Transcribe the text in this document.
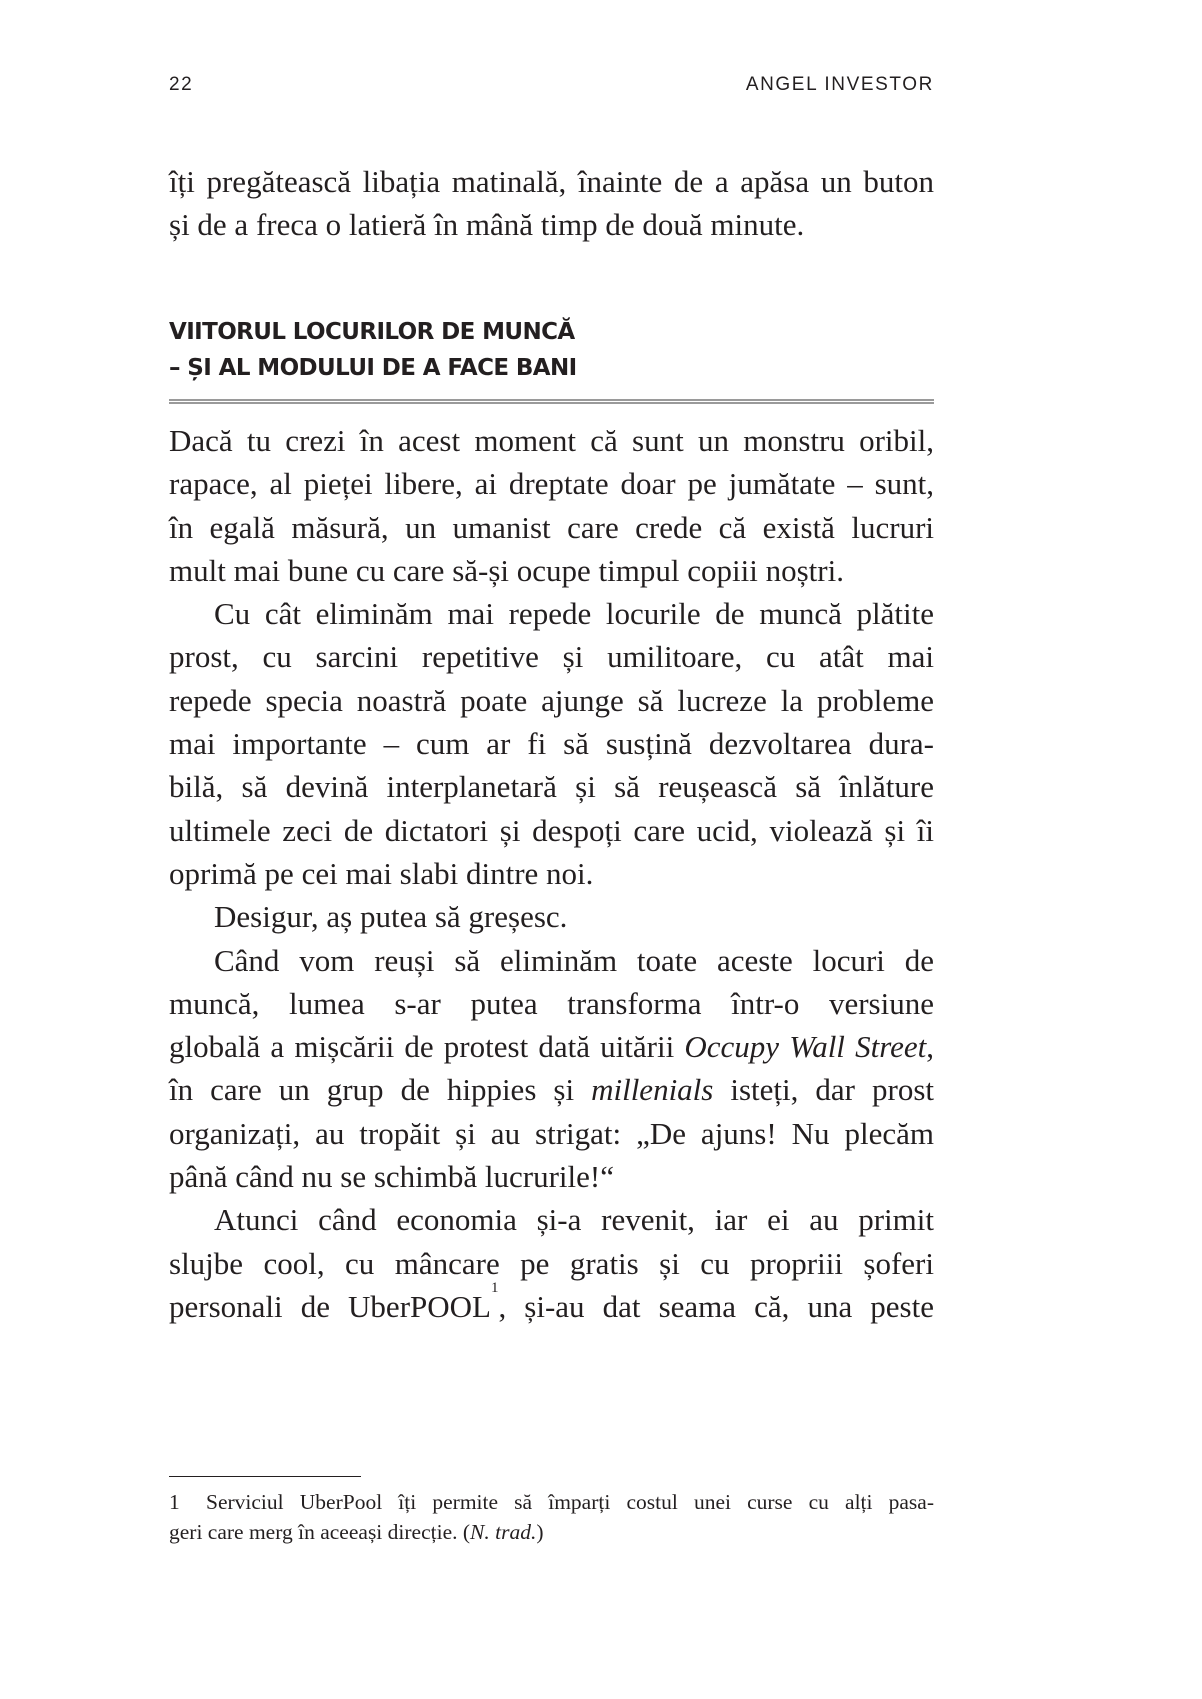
22	ANGEL INVESTOR
îți pregătească libația matinală, înainte de a apăsa un buton
și de a freca o latieră în mână timp de două minute.
VIITORUL LOCURILOR DE MUNCĂ
– ȘI AL MODULUI DE A FACE BANI
Dacă tu crezi în acest moment că sunt un monstru oribil,
rapace, al pieței libere, ai dreptate doar pe jumătate – sunt,
în egală măsură, un umanist care crede că există lucruri
mult mai bune cu care să-și ocupe timpul copiii noștri.
Cu cât eliminăm mai repede locurile de muncă plătite
prost, cu sarcini repetitive și umilitoare, cu atât mai
repede specia noastră poate ajunge să lucreze la probleme
mai importante – cum ar fi să susțină dezvoltarea dura-
bilă, să devină interplanetară și să reușească să înlăture
ultimele zeci de dictatori și despoți care ucid, violează și îi
oprimă pe cei mai slabi dintre noi.
Desigur, aș putea să greșesc.
Când vom reuși să eliminăm toate aceste locuri de
muncă, lumea s-ar putea transforma într-o versiune
globală a mișcării de protest dată uitării Occupy Wall Street,
în care un grup de hippies și millenials isteți, dar prost
organizați, au tropăit și au strigat: „De ajuns! Nu plecăm
până când nu se schimbă lucrurile!“
Atunci când economia și-a revenit, iar ei au primit
slujbe cool, cu mâncare pe gratis și cu propriii șoferi
personali de UberPOOL$^1$, și-au dat seama că, una peste
1 Serviciul UberPool îți permite să împarți costul unei curse cu alți pasa-
geri care merg în aceeași direcție. (N. trad.)
